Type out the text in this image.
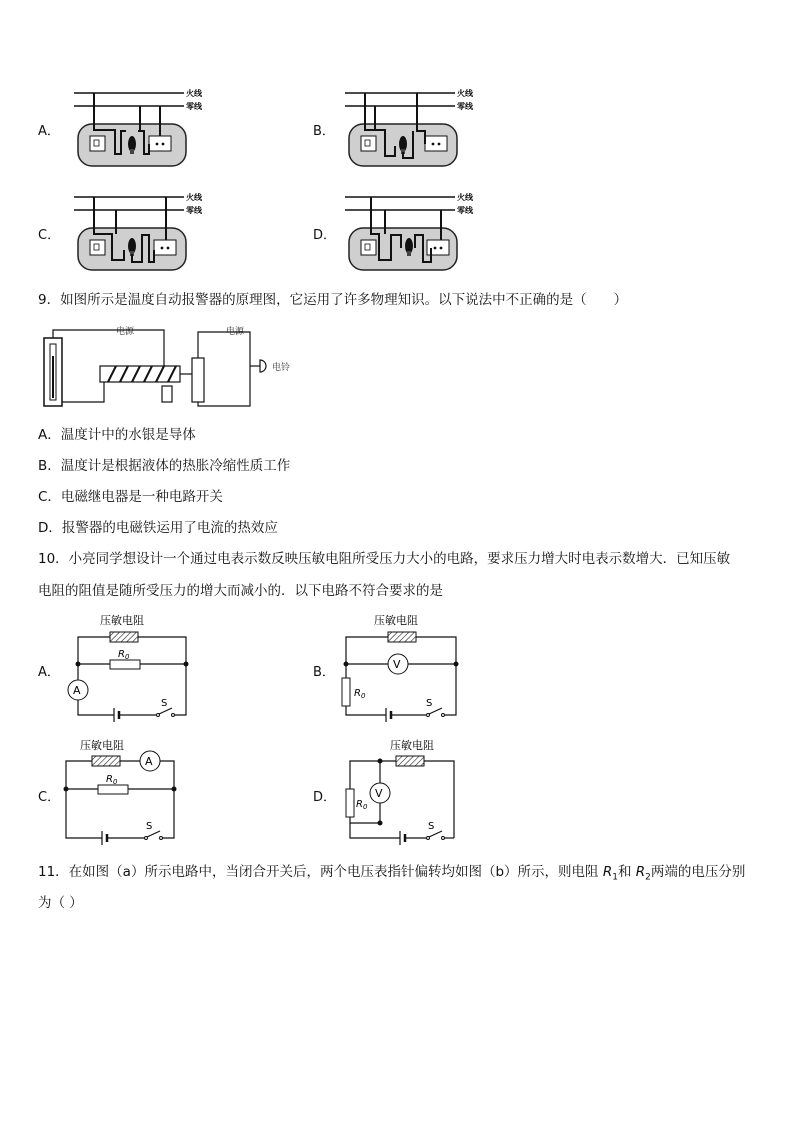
A．	B．
C．	D．
火线
零线
火线
零线
火线
零线
火线
零线
9．如图所示是温度自动报警器的原理图，它运用了许多物理知识。以下说法中不正确的是（　　）
电源	电源
电铃
A．温度计中的水银是导体
B．温度计是根据液体的热胀冷缩性质工作
C．电磁继电器是一种电路开关
D．报警器的电磁铁运用了电流的热效应
10．小亮同学想设计一个通过电表示数反映压敏电阻所受压力大小的电路，要求压力增大时电表示数增大．已知压敏
电阻的阻值是随所受压力的增大而减小的．以下电路不符合要求的是
A．	B．
C．	D．
压敏电阻
$R_0$
A
S
压敏电阻
V
$R_0$
S
压敏电阻
A
$R_0$
S
压敏电阻
V
$R_0$
S
11．在如图（a）所示电路中，当闭合开关后，两个电压表指针偏转均如图（b）所示，则电阻 $R_1$和 $R_2$两端的电压分别
为（ ）
